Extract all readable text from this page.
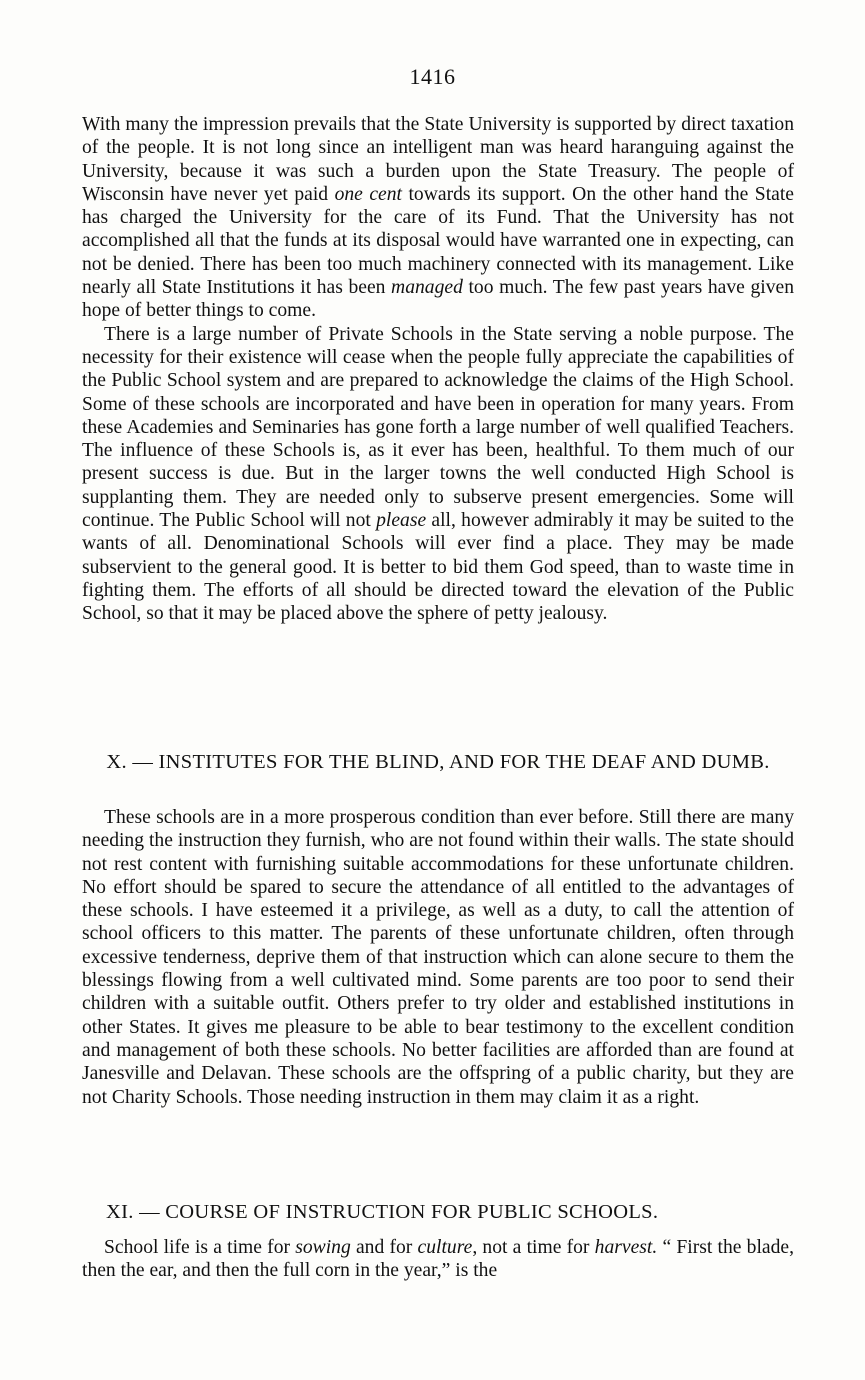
1416

With many the impression prevails that the State University is supported by direct taxation of the people. It is not long since an intelligent man was heard haranguing against the University, because it was such a burden upon the State Treasury. The people of Wisconsin have never yet paid one cent towards its support. On the other hand the State has charged the University for the care of its Fund. That the University has not accomplished all that the funds at its disposal would have warranted one in expecting, can not be denied. There has been too much machinery connected with its management. Like nearly all State Institutions it has been managed too much. The few past years have given hope of better things to come.

There is a large number of Private Schools in the State serving a noble purpose. The necessity for their existence will cease when the people fully appreciate the capabilities of the Public School system and are prepared to acknowledge the claims of the High School. Some of these schools are incorporated and have been in operation for many years. From these Academies and Seminaries has gone forth a large number of well qualified Teachers. The influence of these Schools is, as it ever has been, healthful. To them much of our present success is due. But in the larger towns the well conducted High School is supplanting them. They are needed only to subserve present emergencies. Some will continue. The Public School will not please all, however admirably it may be suited to the wants of all. Denominational Schools will ever find a place. They may be made subservient to the general good. It is better to bid them God speed, than to waste time in fighting them. The efforts of all should be directed toward the elevation of the Public School, so that it may be placed above the sphere of petty jealousy.

X. — INSTITUTES FOR THE BLIND, AND FOR THE DEAF AND DUMB.

These schools are in a more prosperous condition than ever before. Still there are many needing the instruction they furnish, who are not found within their walls. The state should not rest content with furnishing suitable accommodations for these unfortunate children. No effort should be spared to secure the attendance of all entitled to the advantages of these schools. I have esteemed it a privilege, as well as a duty, to call the attention of school officers to this matter. The parents of these unfortunate children, often through excessive tenderness, deprive them of that instruction which can alone secure to them the blessings flowing from a well cultivated mind. Some parents are too poor to send their children with a suitable outfit. Others prefer to try older and established institutions in other States. It gives me pleasure to be able to bear testimony to the excellent condition and management of both these schools. No better facilities are afforded than are found at Janesville and Delavan. These schools are the offspring of a public charity, but they are not Charity Schools. Those needing instruction in them may claim it as a right.

XI. — COURSE OF INSTRUCTION FOR PUBLIC SCHOOLS.

School life is a time for sowing and for culture, not a time for harvest. “ First the blade, then the ear, and then the full corn in the year,” is the
